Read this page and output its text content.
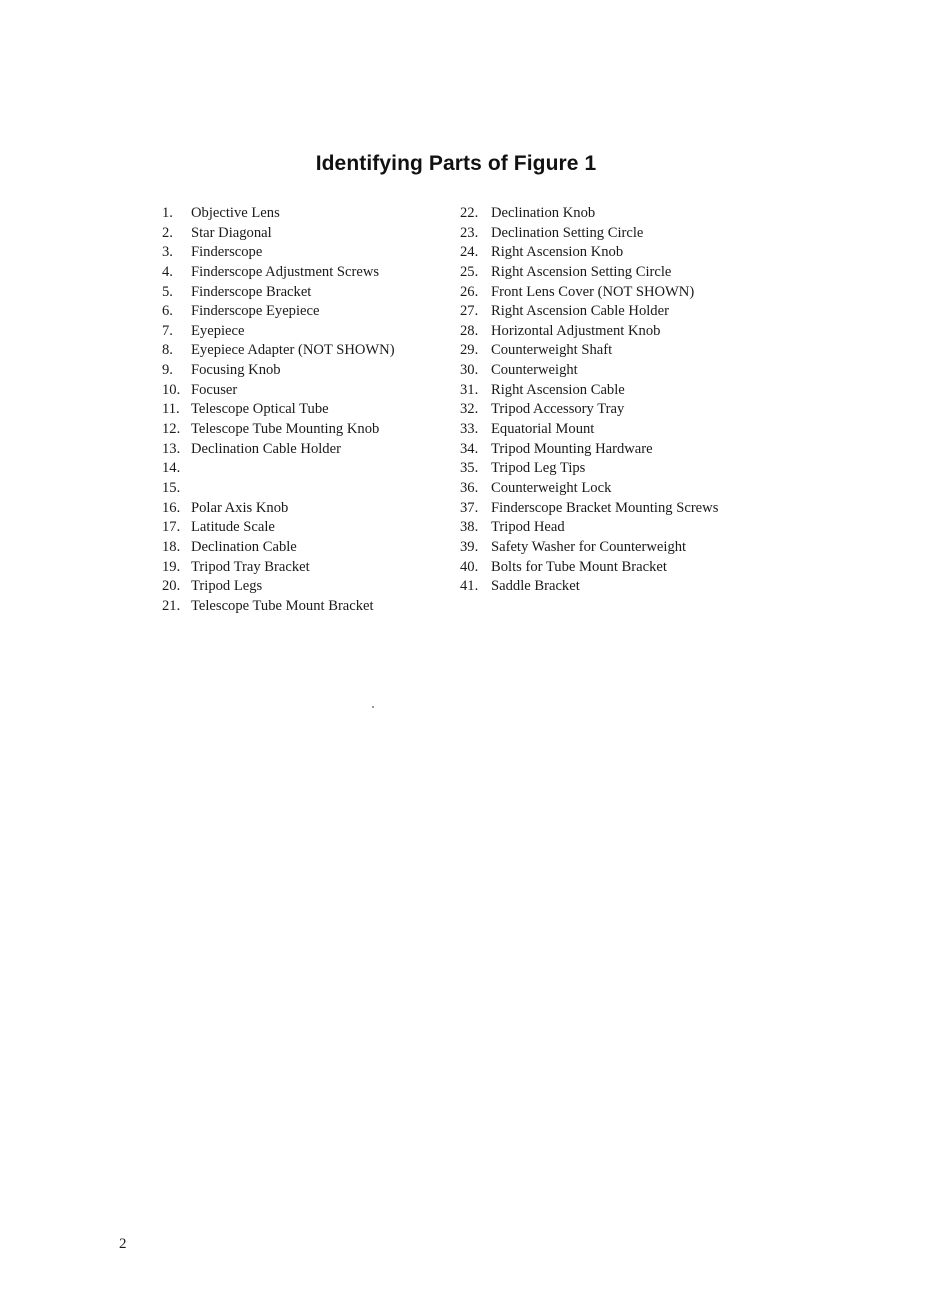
Identifying Parts of Figure 1
1.	Objective Lens
2.	Star Diagonal
3.	Finderscope
4.	Finderscope Adjustment Screws
5.	Finderscope Bracket
6.	Finderscope Eyepiece
7.	Eyepiece
8.	Eyepiece Adapter (NOT SHOWN)
9.	Focusing Knob
10. Focuser
11. Telescope Optical Tube
12. Telescope Tube Mounting Knob
13. Declination Cable Holder
14.
15.
16. Polar Axis Knob
17. Latitude Scale
18. Declination Cable
19. Tripod Tray Bracket
20. Tripod Legs
21. Telescope Tube Mount Bracket
22. Declination Knob
23. Declination Setting Circle
24. Right Ascension Knob
25. Right Ascension Setting Circle
26. Front Lens Cover (NOT SHOWN)
27. Right Ascension Cable Holder
28. Horizontal Adjustment Knob
29. Counterweight Shaft
30. Counterweight
31. Right Ascension Cable
32. Tripod Accessory Tray
33. Equatorial Mount
34. Tripod Mounting Hardware
35. Tripod Leg Tips
36. Counterweight Lock
37. Finderscope Bracket Mounting Screws
38. Tripod Head
39. Safety Washer for Counterweight
40. Bolts for Tube Mount Bracket
41. Saddle Bracket
2
